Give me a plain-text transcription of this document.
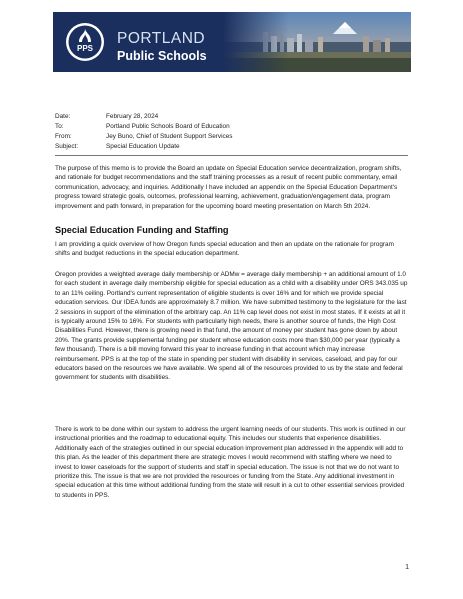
PPS
PORTLAND
Public Schools
Date:	February 28, 2024
To:	Portland Public Schools Board of Education
From:	Jey Buno, Chief of Student Support Services
Subject:	Special Education Update
The purpose of this memo is to provide the Board an update on Special Education service decentralization, program shifts, and rationale for budget recommendations and the staff training processes as a result of recent public commentary, email communication, advocacy, and inquiries. Additionally I have included an appendix on the Special Education Department's progress toward strategic goals, outcomes, professional learning, achievement, graduation/engagement data, program improvement and path forward, in preparation for the upcoming board meeting presentation on March 5th 2024.
Special Education Funding and Staffing
I am providing a quick overview of how Oregon funds special education and then an update on the rationale for program shifts and budget reductions in the special education department.
Oregon provides a weighted average daily membership or ADMw = average daily membership + an additional amount of 1.0 for each student in average daily membership eligible for special education as a child with a disability under ORS 343.035 up to an 11% ceiling. Portland's current representation of eligible students is over 16% and for which we provide special education services. Our IDEA funds are approximately 8.7 million. We have submitted testimony to the legislature for the last 2 sessions in support of the elimination of the arbitrary cap. An 11% cap level does not exist in most states. If it exists at all it is typically around 15% to 16%. For students with particularly high needs, there is another source of funds, the High Cost Disabilities Fund. However, there is growing need in that fund, the amount of money per student has gone down by about 20%. The grants provide supplemental funding per student whose education costs more than $30,000 per year (typically a few thousand). There is a bill moving forward this year to increase funding in that account which may increase reimbursement. PPS is at the top of the state in spending per student with disability in services, caseload, and pay for our educators based on the resources we have available. We spend all of the resources provided to us by the state and federal government for students with disabilities.
There is work to be done within our system to address the urgent learning needs of our students. This work is outlined in our instructional priorities and the roadmap to educational equity. This includes our students that experience disabilities. Additionally each of the strategies outlined in our special education improvement plan addressed in the appendix will add to this plan. As the leader of this department there are strategic moves I would recommend with staffing where we need to invest to lower caseloads for the support of students and staff in special education. The issue is not that we do not want to prioritize this. The issue is that we are not provided the resources or funding from the State. Any additional investment in special education at this time without additional funding from the state will result in a cut to other essential services provided to students in PPS.
1
